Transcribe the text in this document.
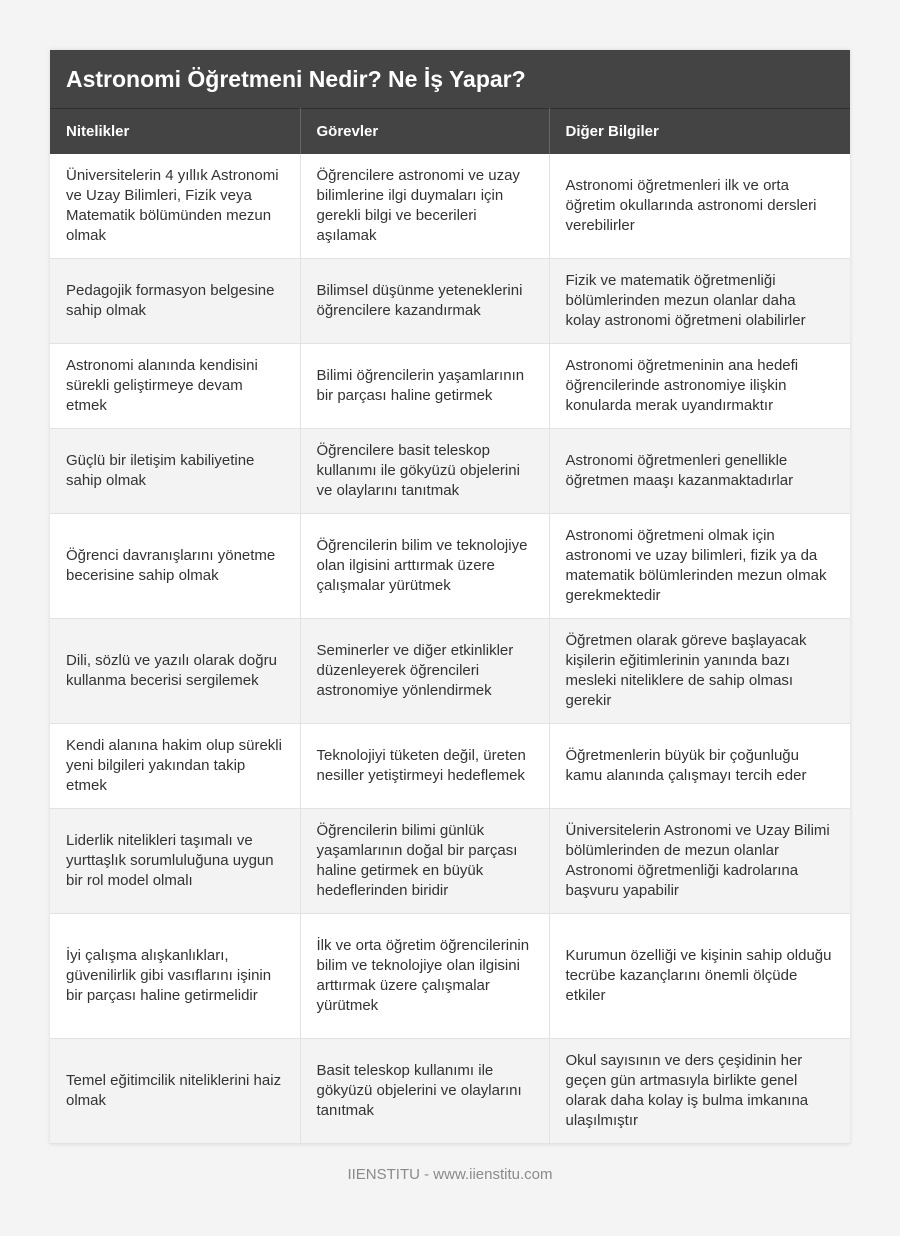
Astronomi Öğretmeni Nedir? Ne İş Yapar?
Nitelikler	Görevler	Diğer Bilgiler
Üniversitelerin 4 yıllık Astronomi ve Uzay Bilimleri, Fizik veya Matematik bölümünden mezun olmak	Öğrencilere astronomi ve uzay bilimlerine ilgi duymaları için gerekli bilgi ve becerileri aşılamak	Astronomi öğretmenleri ilk ve orta öğretim okullarında astronomi dersleri verebilirler
Pedagojik formasyon belgesine sahip olmak	Bilimsel düşünme yeteneklerini öğrencilere kazandırmak	Fizik ve matematik öğretmenliği bölümlerinden mezun olanlar daha kolay astronomi öğretmeni olabilirler
Astronomi alanında kendisini sürekli geliştirmeye devam etmek	Bilimi öğrencilerin yaşamlarının bir parçası haline getirmek	Astronomi öğretmeninin ana hedefi öğrencilerinde astronomiye ilişkin konularda merak uyandırmaktır
Güçlü bir iletişim kabiliyetine sahip olmak	Öğrencilere basit teleskop kullanımı ile gökyüzü objelerini ve olaylarını tanıtmak	Astronomi öğretmenleri genellikle öğretmen maaşı kazanmaktadırlar
Öğrenci davranışlarını yönetme becerisine sahip olmak	Öğrencilerin bilim ve teknolojiye olan ilgisini arttırmak üzere çalışmalar yürütmek	Astronomi öğretmeni olmak için astronomi ve uzay bilimleri, fizik ya da matematik bölümlerinden mezun olmak gerekmektedir
Dili, sözlü ve yazılı olarak doğru kullanma becerisi sergilemek	Seminerler ve diğer etkinlikler düzenleyerek öğrencileri astronomiye yönlendirmek	Öğretmen olarak göreve başlayacak kişilerin eğitimlerinin yanında bazı mesleki niteliklere de sahip olması gerekir
Kendi alanına hakim olup sürekli yeni bilgileri yakından takip etmek	Teknolojiyi tüketen değil, üreten nesiller yetiştirmeyi hedeflemek	Öğretmenlerin büyük bir çoğunluğu kamu alanında çalışmayı tercih eder
Liderlik nitelikleri taşımalı ve yurttaşlık sorumluluğuna uygun bir rol model olmalı	Öğrencilerin bilimi günlük yaşamlarının doğal bir parçası haline getirmek en büyük hedeflerinden biridir	Üniversitelerin Astronomi ve Uzay Bilimi bölümlerinden de mezun olanlar Astronomi öğretmenliği kadrolarına başvuru yapabilir
İyi çalışma alışkanlıkları, güvenilirlik gibi vasıflarını işinin bir parçası haline getirmelidir	İlk ve orta öğretim öğrencilerinin bilim ve teknolojiye olan ilgisini arttırmak üzere çalışmalar yürütmek	Kurumun özelliği ve kişinin sahip olduğu tecrübe kazançlarını önemli ölçüde etkiler
Temel eğitimcilik niteliklerini haiz olmak	Basit teleskop kullanımı ile gökyüzü objelerini ve olaylarını tanıtmak	Okul sayısının ve ders çeşidinin her geçen gün artmasıyla birlikte genel olarak daha kolay iş bulma imkanına ulaşılmıştır
IIENSTITU - www.iienstitu.com
